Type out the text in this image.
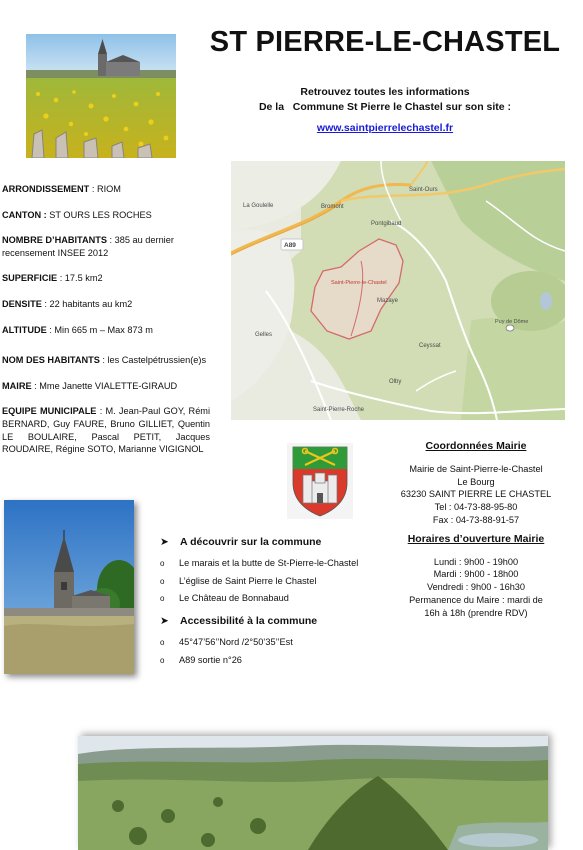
ST PIERRE-LE-CHASTEL
Retrouvez toutes les informations
De la   Commune St Pierre le Chastel sur son site :
www.saintpierrelechastel.fr
La Goulelle
Saint-Ours
Bromont
Pontgibaud
Saint-Pierre-le-Chastel
Mazaye
Gelles
Ceyssat
Puy de Dôme
Olby
Saint-Pierre-Roche
A89
ARRONDISSEMENT : RIOM
CANTON : ST OURS LES ROCHES
NOMBRE D’HABITANTS : 385 au dernier recensement INSEE 2012
SUPERFICIE : 17.5 km2
DENSITE : 22 habitants au km2
ALTITUDE : Min 665 m – Max 873 m
NOM DES HABITANTS : les Castelpétrussien(e)s
MAIRE : Mme Janette VIALETTE-GIRAUD
EQUIPE MUNICIPALE : M. Jean-Paul GOY, Rémi BERNARD, Guy FAURE, Bruno GILLIET, Quentin LE BOULAIRE, Pascal PETIT, Jacques ROUDAIRE, Régine SOTO, Marianne VIGIGNOL	Coordonnées Mairie
Mairie de Saint-Pierre-le-Chastel
Le Bourg
63230 SAINT PIERRE LE CHASTEL
Tel : 04-73-88-95-80
Fax : 04-73-88-91-57
Horaires d’ouverture Mairie
Lundi : 9h00 - 19h00
Mardi : 9h00 - 18h00
Vendredi : 9h00 - 16h30
Permanence du Maire : mardi de
16h à 18h (prendre RDV)
➤ A découvrir sur la commune
o Le marais et la butte de St-Pierre-le-Chastel
o L’église de Saint Pierre le Chastel
o Le Château de Bonnabaud
➤ Accessibilité à la commune
o 45°47’56’’Nord /2°50’35’’Est
o A89 sortie n°26
